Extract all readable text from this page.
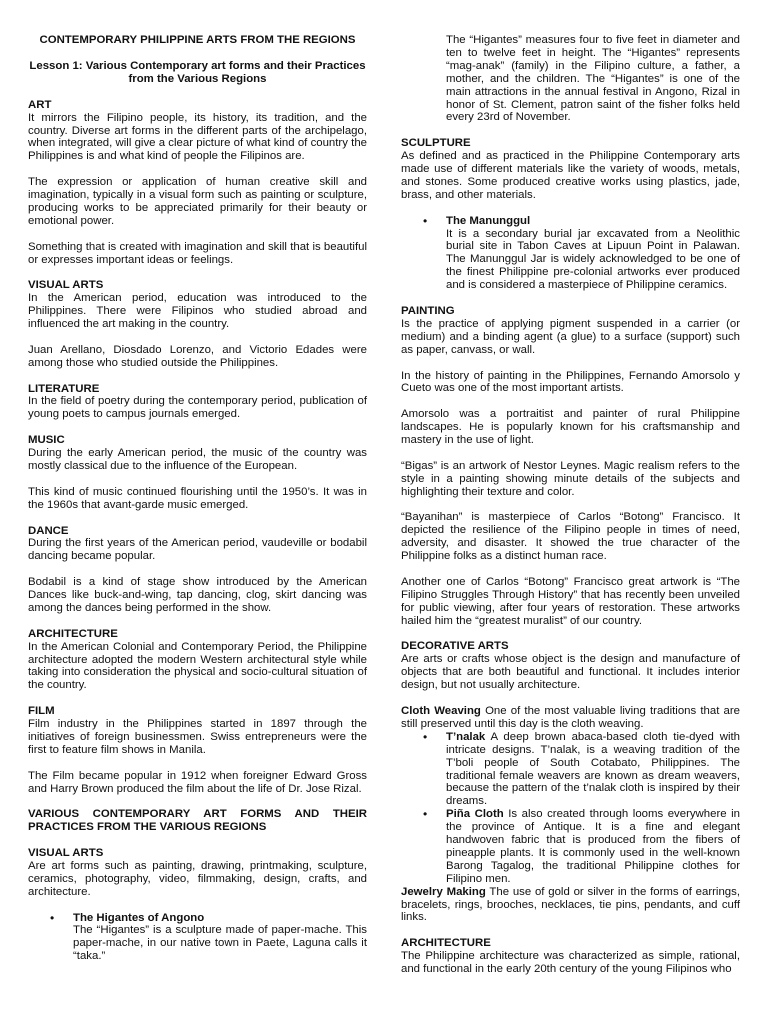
CONTEMPORARY PHILIPPINE ARTS FROM THE REGIONS

Lesson 1: Various Contemporary art forms and their Practices from the Various Regions

ART

It mirrors the Filipino people, its history, its tradition, and the country. Diverse art forms in the different parts of the archipelago, when integrated, will give a clear picture of what kind of country the Philippines is and what kind of people the Filipinos are.

The expression or application of human creative skill and imagination, typically in a visual form such as painting or sculpture, producing works to be appreciated primarily for their beauty or emotional power.

Something that is created with imagination and skill that is beautiful or expresses important ideas or feelings.

VISUAL ARTS

In the American period, education was introduced to the Philippines. There were Filipinos who studied abroad and influenced the art making in the country.

Juan Arellano, Diosdado Lorenzo, and Victorio Edades were among those who studied outside the Philippines.

LITERATURE

In the field of poetry during the contemporary period, publication of young poets to campus journals emerged.

MUSIC

During the early American period, the music of the country was mostly classical due to the influence of the European.

This kind of music continued flourishing until the 1950’s. It was in the 1960s that avant-garde music emerged.

DANCE

During the first years of the American period, vaudeville or bodabil dancing became popular.

Bodabil is a kind of stage show introduced by the American Dances like buck-and-wing, tap dancing, clog, skirt dancing was among the dances being performed in the show.

ARCHITECTURE

In the American Colonial and Contemporary Period, the Philippine architecture adopted the modern Western architectural style while taking into consideration the physical and socio-cultural situation of the country.

FILM

Film industry in the Philippines started in 1897 through the initiatives of foreign businessmen. Swiss entrepreneurs were the first to feature film shows in Manila.

The Film became popular in 1912 when foreigner Edward Gross and Harry Brown produced the film about the life of Dr. Jose Rizal.

VARIOUS CONTEMPORARY ART FORMS AND THEIR PRACTICES FROM THE VARIOUS REGIONS

VISUAL ARTS

Are art forms such as painting, drawing, printmaking, sculpture, ceramics, photography, video, filmmaking, design, crafts, and architecture.

• The Higantes of Angono

The “Higantes” is a sculpture made of paper-mache. This paper-mache, in our native town in Paete, Laguna calls it “taka.”

The “Higantes” measures four to five feet in diameter and ten to twelve feet in height. The “Higantes” represents “mag-anak” (family) in the Filipino culture, a father, a mother, and the children. The “Higantes” is one of the main attractions in the annual festival in Angono, Rizal in honor of St. Clement, patron saint of the fisher folks held every 23rd of November.

SCULPTURE

As defined and as practiced in the Philippine Contemporary arts made use of different materials like the variety of woods, metals, and stones. Some produced creative works using plastics, jade, brass, and other materials.

• The Manunggul

It is a secondary burial jar excavated from a Neolithic burial site in Tabon Caves at Lipuun Point in Palawan. The Manunggul Jar is widely acknowledged to be one of the finest Philippine pre-colonial artworks ever produced and is considered a masterpiece of Philippine ceramics.

PAINTING

Is the practice of applying pigment suspended in a carrier (or medium) and a binding agent (a glue) to a surface (support) such as paper, canvass, or wall.

In the history of painting in the Philippines, Fernando Amorsolo y Cueto was one of the most important artists.

Amorsolo was a portraitist and painter of rural Philippine landscapes. He is popularly known for his craftsmanship and mastery in the use of light.

“Bigas” is an artwork of Nestor Leynes. Magic realism refers to the style in a painting showing minute details of the subjects and highlighting their texture and color.

“Bayanihan” is masterpiece of Carlos “Botong” Francisco. It depicted the resilience of the Filipino people in times of need, adversity, and disaster. It showed the true character of the Philippine folks as a distinct human race.

Another one of Carlos “Botong” Francisco great artwork is “The Filipino Struggles Through History” that has recently been unveiled for public viewing, after four years of restoration. These artworks hailed him the “greatest muralist” of our country.

DECORATIVE ARTS

Are arts or crafts whose object is the design and manufacture of objects that are both beautiful and functional. It includes interior design, but not usually architecture.

Cloth Weaving One of the most valuable living traditions that are still preserved until this day is the cloth weaving.

• T’nalak A deep brown abaca-based cloth tie-dyed with intricate designs. T’nalak, is a weaving tradition of the T’boli people of South Cotabato, Philippines. The traditional female weavers are known as dream weavers, because the pattern of the t’nalak cloth is inspired by their dreams.

• Piña Cloth Is also created through looms everywhere in the province of Antique. It is a fine and elegant handwoven fabric that is produced from the fibers of pineapple plants. It is commonly used in the well-known Barong Tagalog, the traditional Philippine clothes for Filipino men.

Jewelry Making The use of gold or silver in the forms of earrings, bracelets, rings, brooches, necklaces, tie pins, pendants, and cuff links.

ARCHITECTURE

The Philippine architecture was characterized as simple, rational, and functional in the early 20th century of the young Filipinos who
